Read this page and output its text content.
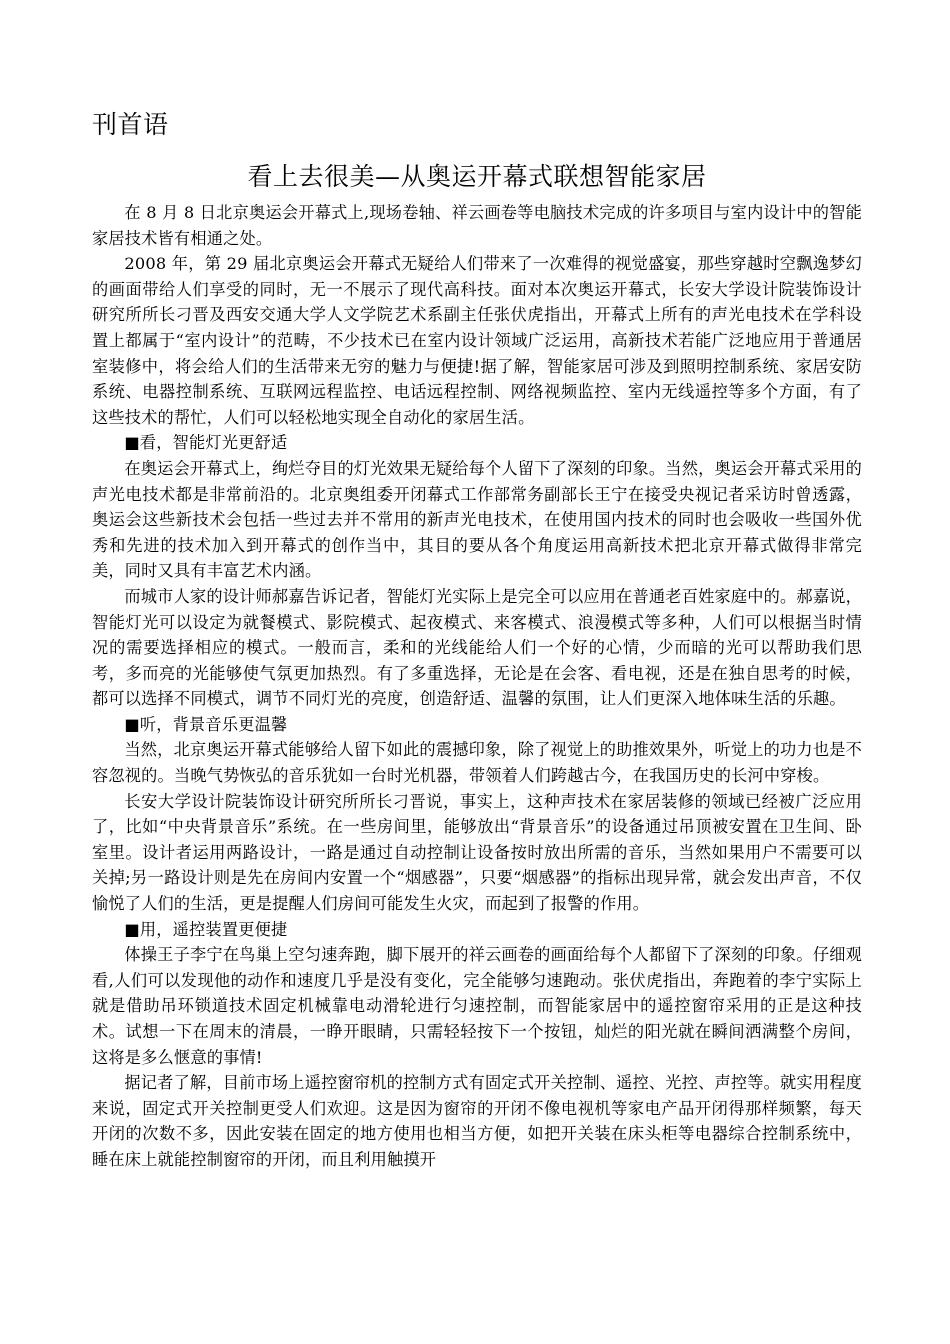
刊首语
看上去很美—从奥运开幕式联想智能家居

在 8 月 8 日北京奥运会开幕式上,现场卷轴、祥云画卷等电脑技术完成的许多项目与室内设计中的智能家居技术皆有相通之处。

2008 年，第 29 届北京奥运会开幕式无疑给人们带来了一次难得的视觉盛宴，那些穿越时空飘逸梦幻的画面带给人们享受的同时，无一不展示了现代高科技。面对本次奥运开幕式，长安大学设计院装饰设计研究所所长刁晋及西安交通大学人文学院艺术系副主任张伏虎指出，开幕式上所有的声光电技术在学科设置上都属于“室内设计”的范畴，不少技术已在室内设计领域广泛运用，高新技术若能广泛地应用于普通居室装修中，将会给人们的生活带来无穷的魅力与便捷!据了解，智能家居可涉及到照明控制系统、家居安防系统、电器控制系统、互联网远程监控、电话远程控制、网络视频监控、室内无线遥控等多个方面，有了这些技术的帮忙，人们可以轻松地实现全自动化的家居生活。

■看，智能灯光更舒适

在奥运会开幕式上，绚烂夺目的灯光效果无疑给每个人留下了深刻的印象。当然，奥运会开幕式采用的声光电技术都是非常前沿的。北京奥组委开闭幕式工作部常务副部长王宁在接受央视记者采访时曾透露，奥运会这些新技术会包括一些过去并不常用的新声光电技术，在使用国内技术的同时也会吸收一些国外优秀和先进的技术加入到开幕式的创作当中，其目的要从各个角度运用高新技术把北京开幕式做得非常完美，同时又具有丰富艺术内涵。

而城市人家的设计师郝嘉告诉记者，智能灯光实际上是完全可以应用在普通老百姓家庭中的。郝嘉说，智能灯光可以设定为就餐模式、影院模式、起夜模式、来客模式、浪漫模式等多种，人们可以根据当时情况的需要选择相应的模式。一般而言，柔和的光线能给人们一个好的心情，少而暗的光可以帮助我们思考，多而亮的光能够使气氛更加热烈。有了多重选择，无论是在会客、看电视，还是在独自思考的时候，都可以选择不同模式，调节不同灯光的亮度，创造舒适、温馨的氛围，让人们更深入地体味生活的乐趣。

■听，背景音乐更温馨

当然，北京奥运开幕式能够给人留下如此的震撼印象，除了视觉上的助推效果外，听觉上的功力也是不容忽视的。当晚气势恢弘的音乐犹如一台时光机器，带领着人们跨越古今，在我国历史的长河中穿梭。

长安大学设计院装饰设计研究所所长刁晋说，事实上，这种声技术在家居装修的领域已经被广泛应用了，比如“中央背景音乐”系统。在一些房间里，能够放出“背景音乐”的设备通过吊顶被安置在卫生间、卧室里。设计者运用两路设计，一路是通过自动控制让设备按时放出所需的音乐，当然如果用户不需要可以关掉;另一路设计则是先在房间内安置一个“烟感器”，只要“烟感器”的指标出现异常，就会发出声音，不仅愉悦了人们的生活，更是提醒人们房间可能发生火灾，而起到了报警的作用。

■用，遥控装置更便捷

体操王子李宁在鸟巢上空匀速奔跑，脚下展开的祥云画卷的画面给每个人都留下了深刻的印象。仔细观看,人们可以发现他的动作和速度几乎是没有变化，完全能够匀速跑动。张伏虎指出，奔跑着的李宁实际上就是借助吊环锁道技术固定机械靠电动滑轮进行匀速控制，而智能家居中的遥控窗帘采用的正是这种技术。试想一下在周末的清晨，一睁开眼睛，只需轻轻按下一个按钮，灿烂的阳光就在瞬间洒满整个房间，这将是多么惬意的事情!

据记者了解，目前市场上遥控窗帘机的控制方式有固定式开关控制、遥控、光控、声控等。就实用程度来说，固定式开关控制更受人们欢迎。这是因为窗帘的开闭不像电视机等家电产品开闭得那样频繁，每天开闭的次数不多，因此安装在固定的地方使用也相当方便，如把开关装在床头柜等电器综合控制系统中，睡在床上就能控制窗帘的开闭，而且利用触摸开
